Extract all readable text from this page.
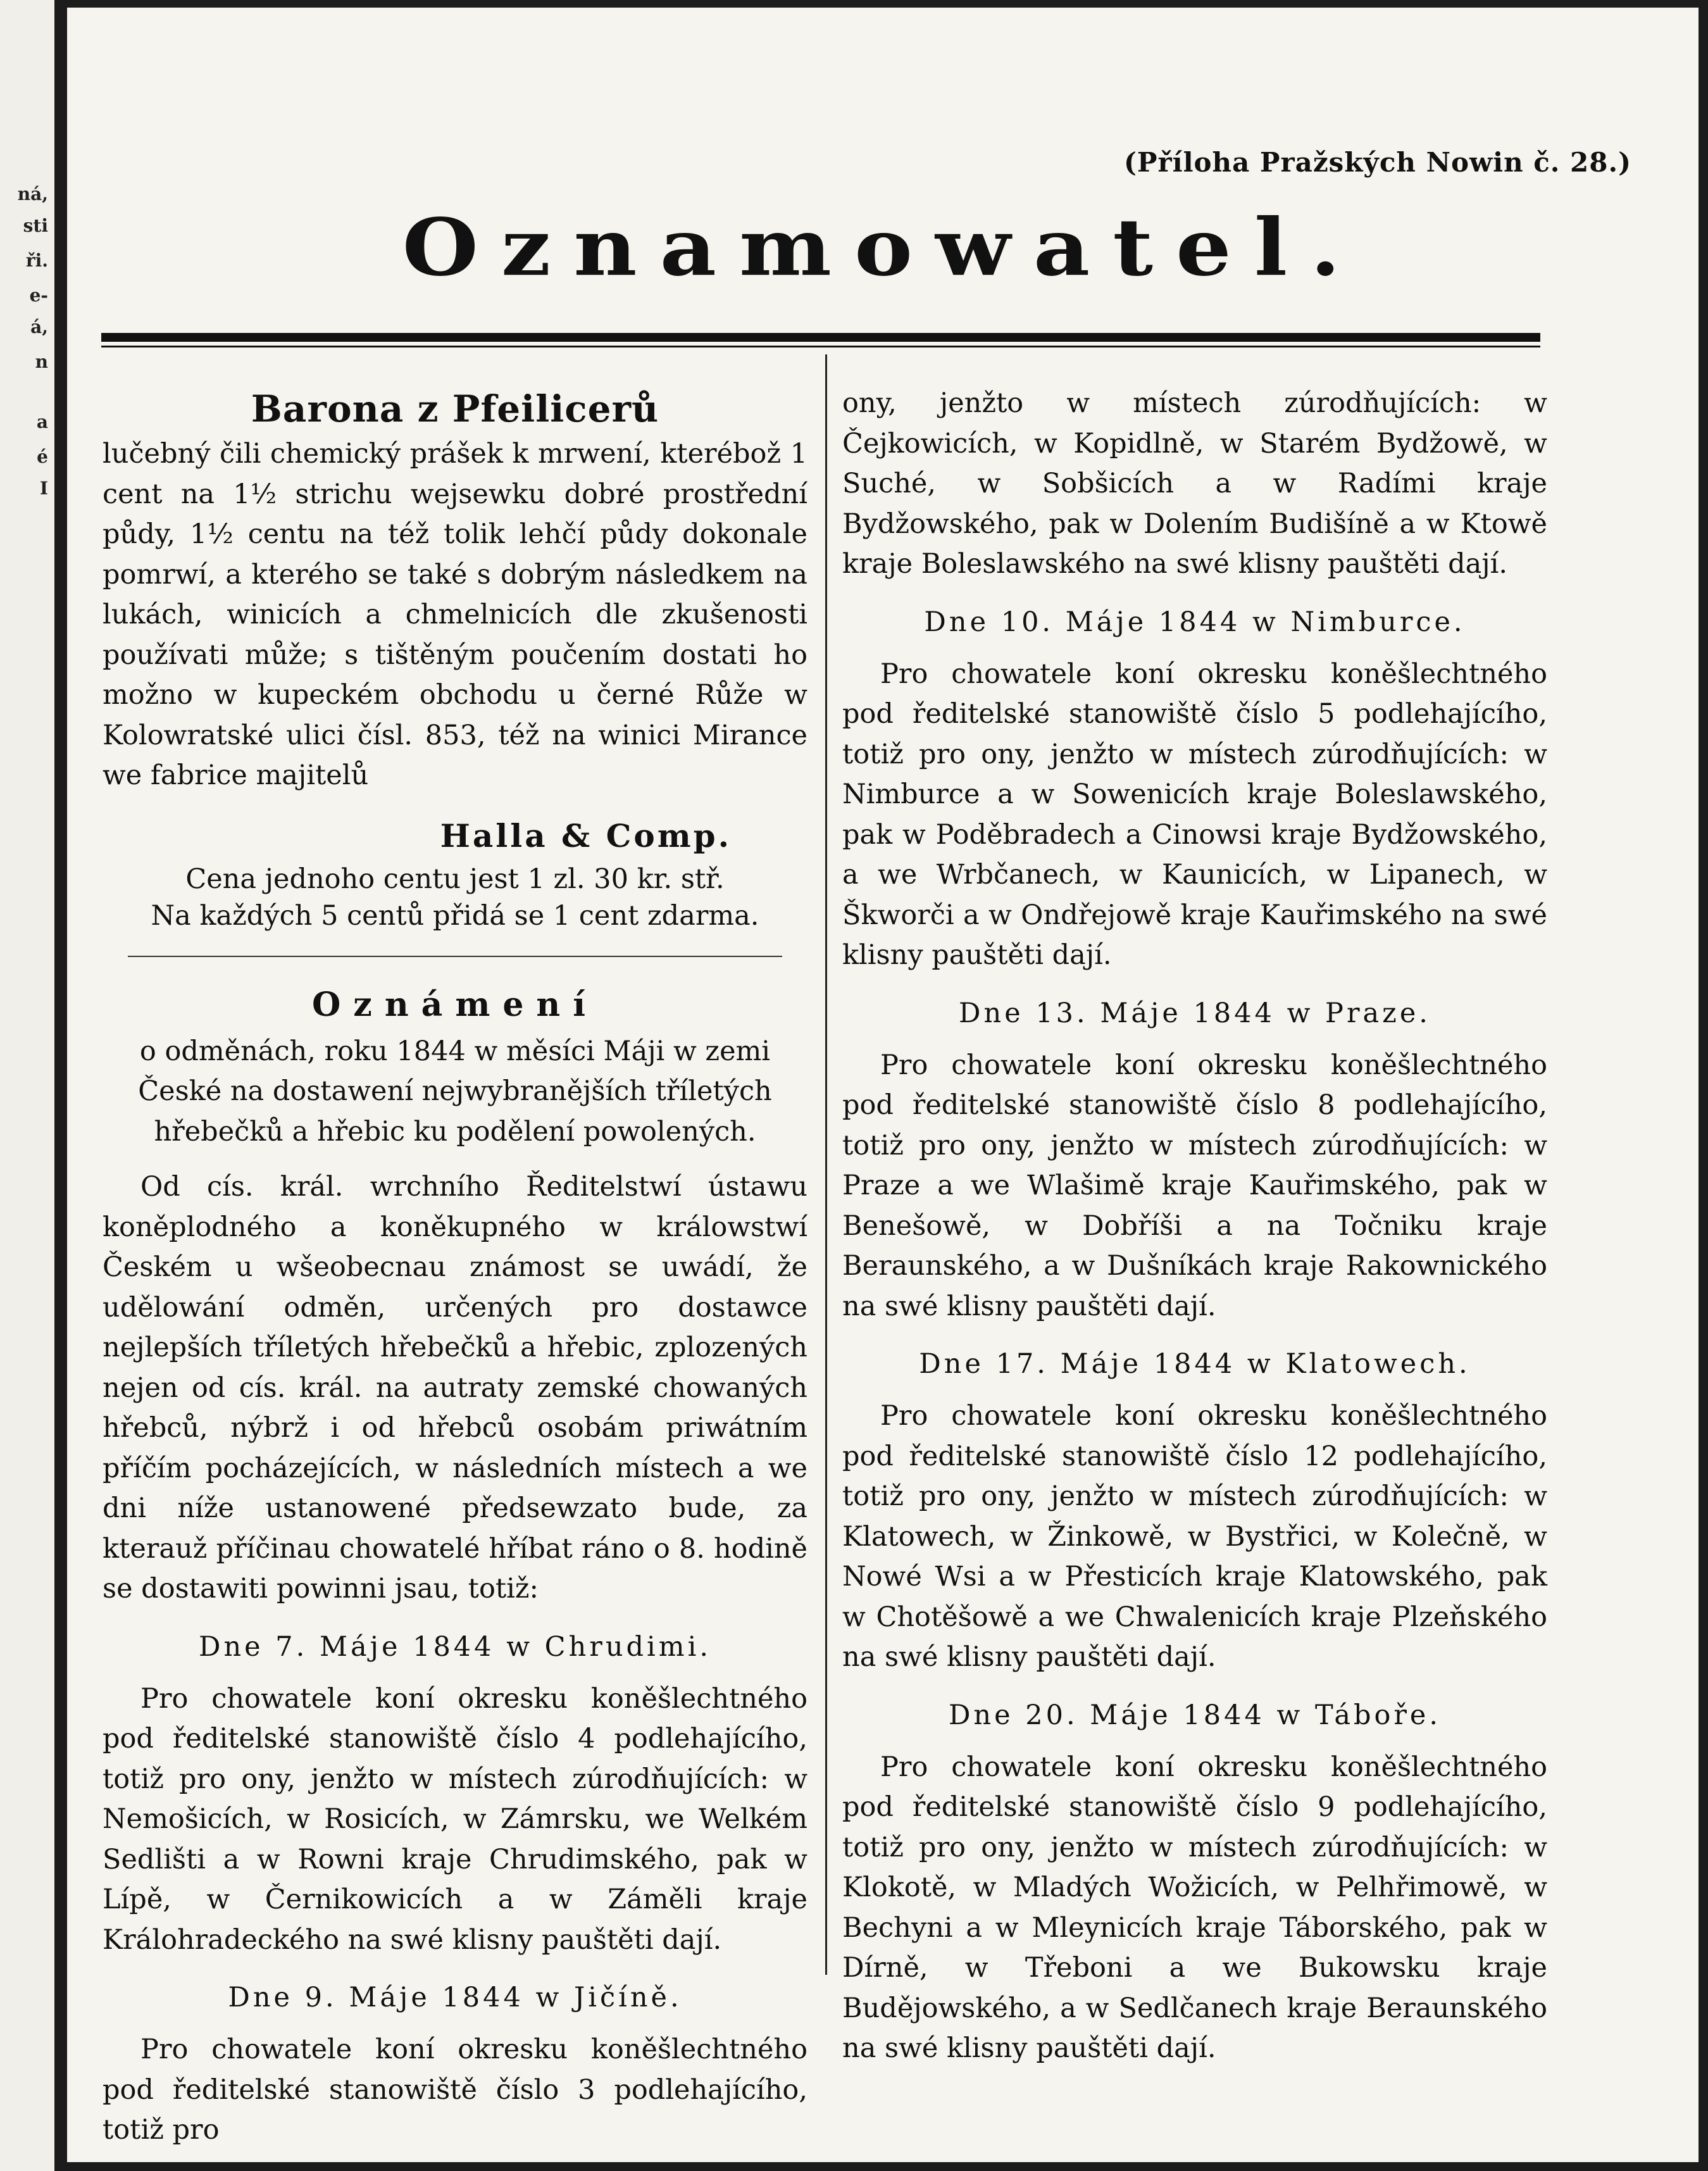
ná,
sti
ři.
e-
á,
n
a
é
I
(Příloha Pražských Nowin č. 28.)
Oznamowatel.
Barona z Pfeilicerů

lučebný čili chemický prášek k mrwení, kterébož 1 cent na 1½ strichu wejsewku dobré prostřední půdy, 1½ centu na též tolik lehčí půdy dokonale pomrwí, a kterého se také s dobrým následkem na lukách, winicích a chmelnicích dle zkušenosti používati může; s tištěným poučením dostati ho možno w kupeckém obchodu u černé Růže w Kolowratské ulici čísl. 853, též na winici Mirance we fabrice majitelů

Halla & Comp.
Cena jednoho centu jest 1 zl. 30 kr. stř.
Na každých 5 centů přidá se 1 cent zdarma.
Oznámení

o odměnách, roku 1844 w měsíci Máji w zemi České na dostawení nejwybranějších tříletých hřebečků a hřebic ku podělení powolených.

Od cís. král. wrchního Ředitelstwí ústawu koněplodného a koněkupného w králowstwí Českém u wšeobecnau známost se uwádí, že udělowání odměn, určených pro dostawce nejlepších tříletých hřebečků a hřebic, zplozených nejen od cís. král. na autraty zemské chowaných hřebců, nýbrž i od hřebců osobám priwátním příčím pocházejících, w následních místech a we dni níže ustanowené předsewzato bude, za kterauž příčinau chowatelé hříbat ráno o 8. hodině se dostawiti powinni jsau, totiž:

Dne 7. Máje 1844 w Chrudimi.

Pro chowatele koní okresku koněšlechtného pod ředitelské stanowiště číslo 4 podlehajícího, totiž pro ony, jenžto w místech zúrodňujících: w Nemošicích, w Rosicích, w Zámrsku, we Welkém Sedlišti a w Rowni kraje Chrudimského, pak w Lípě, w Černikowicích a w Záměli kraje Králohradeckého na swé klisny pauštěti dají.

Dne 9. Máje 1844 w Jičíně.

Pro chowatele koní okresku koněšlechtného pod ředitelské stanowiště číslo 3 podlehajícího, totiž pro

ony, jenžto w místech zúrodňujících: w Čejkowicích, w Kopidlně, w Starém Bydžowě, w Suché, w Sobšicích a w Radími kraje Bydžowského, pak w Dolením Budišíně a w Ktowě kraje Boleslawského na swé klisny pauštěti dají.

Dne 10. Máje 1844 w Nimburce.

Pro chowatele koní okresku koněšlechtného pod ředitelské stanowiště číslo 5 podlehajícího, totiž pro ony, jenžto w místech zúrodňujících: w Nimburce a w Sowenicích kraje Boleslawského, pak w Poděbradech a Cinowsi kraje Bydžowského, a we Wrbčanech, w Kaunicích, w Lipanech, w Škworči a w Ondřejowě kraje Kauřimského na swé klisny pauštěti dají.

Dne 13. Máje 1844 w Praze.

Pro chowatele koní okresku koněšlechtného pod ředitelské stanowiště číslo 8 podlehajícího, totiž pro ony, jenžto w místech zúrodňujících: w Praze a we Wlašimě kraje Kauřimského, pak w Benešowě, w Dobříši a na Točniku kraje Beraunského, a w Dušníkách kraje Rakownického na swé klisny pauštěti dají.

Dne 17. Máje 1844 w Klatowech.

Pro chowatele koní okresku koněšlechtného pod ředitelské stanowiště číslo 12 podlehajícího, totiž pro ony, jenžto w místech zúrodňujících: w Klatowech, w Žinkowě, w Bystřici, w Kolečně, w Nowé Wsi a w Přesticích kraje Klatowského, pak w Chotěšowě a we Chwalenicích kraje Plzeňského na swé klisny pauštěti dají.

Dne 20. Máje 1844 w Táboře.

Pro chowatele koní okresku koněšlechtného pod ředitelské stanowiště číslo 9 podlehajícího, totiž pro ony, jenžto w místech zúrodňujících: w Klokotě, w Mladých Wožicích, w Pelhřimowě, w Bechyni a w Mleynicích kraje Táborského, pak w Dírně, w Třeboni a we Bukowsku kraje Budějowského, a w Sedlčanech kraje Beraunského na swé klisny pauštěti dají.
